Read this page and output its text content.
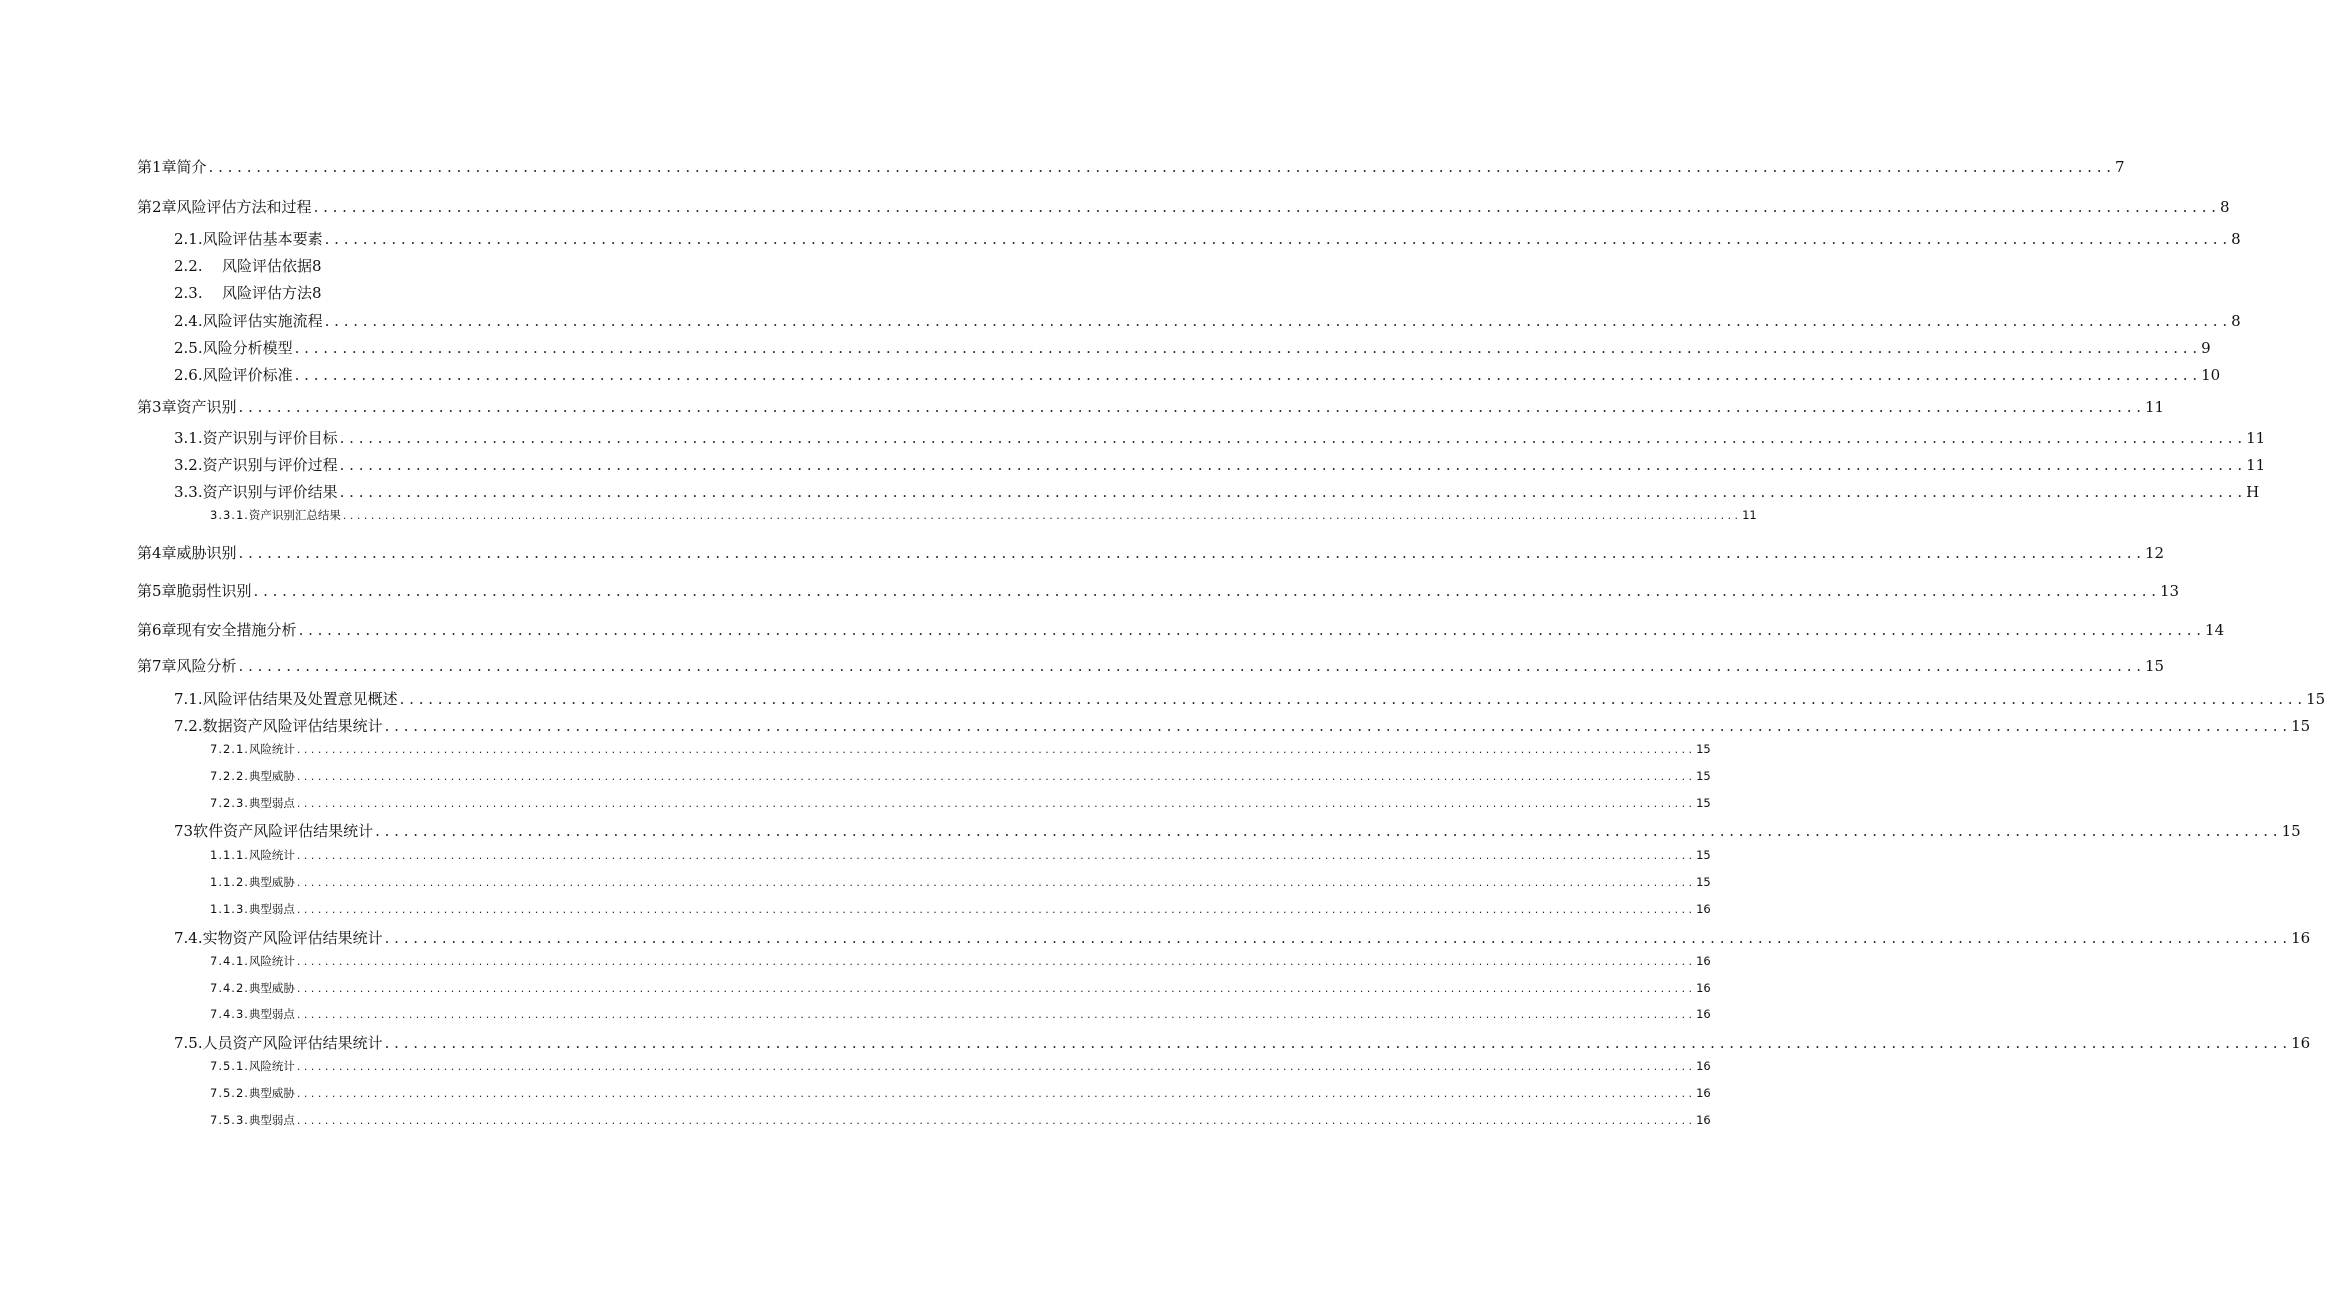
第1章简介 . . . . . . . . . . . . . . . . . . . . . . . . . . . . . . . . . . . . . . . . . . . . . . . . . . . . . . . . . . . . . . . . . . . . . . . . . . . . . . . . . . . . . . . . . . . . . . . . . . . . . . . . . . . . . . . . . . . . . . . . . . . . . . . . . . . . . . . . . . . . . . . . . . . . . . . . . . . . . . . . . . . . . . . . . . . . . . . . . . . . . . . . . . . . . . . . . . . . . . . . 7
第2章 风险评估方法和过程 . . . . . . . . . . . . . . . . . . . . . . . . . . . . . . . . . . . . . . . . . . . . . . . . . . . . . . . . . . . . . . . . . . . . . . . . . . . . . . . . . . . . . . . . . . . . . . . . . . . . . . . . . . . . . . . . . . . . . . . . . . . . . . . . . . . . . . . . . . . . . . . . . . . . . . . . . . . . . . . . . . . . . . . . . . . . . . . . . . . . . . . . . . . . . . . . . . . . . . . . 8
2.1. 风险评估基本要素 . . . . . . . . . . . . . . . . . . . . . . . . . . . . . . . . . . . . . . . . . . . . . . . . . . . . . . . . . . . . . . . . . . . . . . . . . . . . . . . . . . . . . . . . . . . . . . . . . . . . . . . . . . . . . . . . . . . . . . . . . . . . . . . . . . . . . . . . . . . . . . . . . . . . . . . . . . . . . . . . . . . . . . . . . . . . . . . . . . . . . . . . . . . . . . . . . . . . . . . . 8
2.2.	风险评估依据8
2.3.	风险评估方法8
2.4. 风险评估实施流程 . . . . . . . . . . . . . . . . . . . . . . . . . . . . . . . . . . . . . . . . . . . . . . . . . . . . . . . . . . . . . . . . . . . . . . . . . . . . . . . . . . . . . . . . . . . . . . . . . . . . . . . . . . . . . . . . . . . . . . . . . . . . . . . . . . . . . . . . . . . . . . . . . . . . . . . . . . . . . . . . . . . . . . . . . . . . . . . . . . . . . . . . . . . . . . . . . . . . . . . . 8
2.5. 风险分析模型 . . . . . . . . . . . . . . . . . . . . . . . . . . . . . . . . . . . . . . . . . . . . . . . . . . . . . . . . . . . . . . . . . . . . . . . . . . . . . . . . . . . . . . . . . . . . . . . . . . . . . . . . . . . . . . . . . . . . . . . . . . . . . . . . . . . . . . . . . . . . . . . . . . . . . . . . . . . . . . . . . . . . . . . . . . . . . . . . . . . . . . . . . . . . . . . . . . . . . . . . 9
2.6. 风险评价标准 . . . . . . . . . . . . . . . . . . . . . . . . . . . . . . . . . . . . . . . . . . . . . . . . . . . . . . . . . . . . . . . . . . . . . . . . . . . . . . . . . . . . . . . . . . . . . . . . . . . . . . . . . . . . . . . . . . . . . . . . . . . . . . . . . . . . . . . . . . . . . . . . . . . . . . . . . . . . . . . . . . . . . . . . . . . . . . . . . . . . . . . . . . . . . . . . . . . . . . . . 10
第3章资产识别 . . . . . . . . . . . . . . . . . . . . . . . . . . . . . . . . . . . . . . . . . . . . . . . . . . . . . . . . . . . . . . . . . . . . . . . . . . . . . . . . . . . . . . . . . . . . . . . . . . . . . . . . . . . . . . . . . . . . . . . . . . . . . . . . . . . . . . . . . . . . . . . . . . . . . . . . . . . . . . . . . . . . . . . . . . . . . . . . . . . . . . . . . . . . . . . . . . . . . . . . 11
3.1. 资产识别与评价目标 . . . . . . . . . . . . . . . . . . . . . . . . . . . . . . . . . . . . . . . . . . . . . . . . . . . . . . . . . . . . . . . . . . . . . . . . . . . . . . . . . . . . . . . . . . . . . . . . . . . . . . . . . . . . . . . . . . . . . . . . . . . . . . . . . . . . . . . . . . . . . . . . . . . . . . . . . . . . . . . . . . . . . . . . . . . . . . . . . . . . . . . . . . . . . . . . . . . . . . . . 11
3.2. 资产识别与评价过程 . . . . . . . . . . . . . . . . . . . . . . . . . . . . . . . . . . . . . . . . . . . . . . . . . . . . . . . . . . . . . . . . . . . . . . . . . . . . . . . . . . . . . . . . . . . . . . . . . . . . . . . . . . . . . . . . . . . . . . . . . . . . . . . . . . . . . . . . . . . . . . . . . . . . . . . . . . . . . . . . . . . . . . . . . . . . . . . . . . . . . . . . . . . . . . . . . . . . . . . . 11
3.3. 资产识别与评价结果 . . . . . . . . . . . . . . . . . . . . . . . . . . . . . . . . . . . . . . . . . . . . . . . . . . . . . . . . . . . . . . . . . . . . . . . . . . . . . . . . . . . . . . . . . . . . . . . . . . . . . . . . . . . . . . . . . . . . . . . . . . . . . . . . . . . . . . . . . . . . . . . . . . . . . . . . . . . . . . . . . . . . . . . . . . . . . . . . . . . . . . . . . . . . . . . . . . . . . . . . H
3.3.1. 资产识别汇总结果 . . . . . . . . . . . . . . . . . . . . . . . . . . . . . . . . . . . . . . . . . . . . . . . . . . . . . . . . . . . . . . . . . . . . . . . . . . . . . . . . . . . . . . . . . . . . . . . . . . . . . . . . . . . . . . . . . . . . . . . . . . . . . . . . . . . . . . . . . . . . . . . . . . . . . . . . . . . . . . . . . . . . . . . . . . . . . . . . . . . . . . . . . . . . . . . . . . . . . . . . 11
第4章威胁识别 . . . . . . . . . . . . . . . . . . . . . . . . . . . . . . . . . . . . . . . . . . . . . . . . . . . . . . . . . . . . . . . . . . . . . . . . . . . . . . . . . . . . . . . . . . . . . . . . . . . . . . . . . . . . . . . . . . . . . . . . . . . . . . . . . . . . . . . . . . . . . . . . . . . . . . . . . . . . . . . . . . . . . . . . . . . . . . . . . . . . . . . . . . . . . . . . . . . . . . . . 12
第5章脆弱性识别 . . . . . . . . . . . . . . . . . . . . . . . . . . . . . . . . . . . . . . . . . . . . . . . . . . . . . . . . . . . . . . . . . . . . . . . . . . . . . . . . . . . . . . . . . . . . . . . . . . . . . . . . . . . . . . . . . . . . . . . . . . . . . . . . . . . . . . . . . . . . . . . . . . . . . . . . . . . . . . . . . . . . . . . . . . . . . . . . . . . . . . . . . . . . . . . . . . . . . . . . 13
第6章 现有安全措施分析 . . . . . . . . . . . . . . . . . . . . . . . . . . . . . . . . . . . . . . . . . . . . . . . . . . . . . . . . . . . . . . . . . . . . . . . . . . . . . . . . . . . . . . . . . . . . . . . . . . . . . . . . . . . . . . . . . . . . . . . . . . . . . . . . . . . . . . . . . . . . . . . . . . . . . . . . . . . . . . . . . . . . . . . . . . . . . . . . . . . . . . . . . . . . . . . . . . . . . . . . 14
第7章风险分析 . . . . . . . . . . . . . . . . . . . . . . . . . . . . . . . . . . . . . . . . . . . . . . . . . . . . . . . . . . . . . . . . . . . . . . . . . . . . . . . . . . . . . . . . . . . . . . . . . . . . . . . . . . . . . . . . . . . . . . . . . . . . . . . . . . . . . . . . . . . . . . . . . . . . . . . . . . . . . . . . . . . . . . . . . . . . . . . . . . . . . . . . . . . . . . . . . . . . . . . . 15
7.1. 风险评估结果及处置意见概述 . . . . . . . . . . . . . . . . . . . . . . . . . . . . . . . . . . . . . . . . . . . . . . . . . . . . . . . . . . . . . . . . . . . . . . . . . . . . . . . . . . . . . . . . . . . . . . . . . . . . . . . . . . . . . . . . . . . . . . . . . . . . . . . . . . . . . . . . . . . . . . . . . . . . . . . . . . . . . . . . . . . . . . . . . . . . . . . . . . . . . . . . . . . . . . . . . . . . . . . . 15
7.2. 数据资产风险评估结果统计 . . . . . . . . . . . . . . . . . . . . . . . . . . . . . . . . . . . . . . . . . . . . . . . . . . . . . . . . . . . . . . . . . . . . . . . . . . . . . . . . . . . . . . . . . . . . . . . . . . . . . . . . . . . . . . . . . . . . . . . . . . . . . . . . . . . . . . . . . . . . . . . . . . . . . . . . . . . . . . . . . . . . . . . . . . . . . . . . . . . . . . . . . . . . . . . . . . . . . . . . 15
7.2.1. 风险统计 . . . . . . . . . . . . . . . . . . . . . . . . . . . . . . . . . . . . . . . . . . . . . . . . . . . . . . . . . . . . . . . . . . . . . . . . . . . . . . . . . . . . . . . . . . . . . . . . . . . . . . . . . . . . . . . . . . . . . . . . . . . . . . . . . . . . . . . . . . . . . . . . . . . . . . . . . . . . . . . . . . . . . . . . . . . . . . . . . . . . . . . . . . . . . . . . . . . . . . . . 15
7.2.2. 典型威胁 . . . . . . . . . . . . . . . . . . . . . . . . . . . . . . . . . . . . . . . . . . . . . . . . . . . . . . . . . . . . . . . . . . . . . . . . . . . . . . . . . . . . . . . . . . . . . . . . . . . . . . . . . . . . . . . . . . . . . . . . . . . . . . . . . . . . . . . . . . . . . . . . . . . . . . . . . . . . . . . . . . . . . . . . . . . . . . . . . . . . . . . . . . . . . . . . . . . . . . . . 15
7.2.3. 典型弱点 . . . . . . . . . . . . . . . . . . . . . . . . . . . . . . . . . . . . . . . . . . . . . . . . . . . . . . . . . . . . . . . . . . . . . . . . . . . . . . . . . . . . . . . . . . . . . . . . . . . . . . . . . . . . . . . . . . . . . . . . . . . . . . . . . . . . . . . . . . . . . . . . . . . . . . . . . . . . . . . . . . . . . . . . . . . . . . . . . . . . . . . . . . . . . . . . . . . . . . . . 15
73软件资产风险评估结果统计 . . . . . . . . . . . . . . . . . . . . . . . . . . . . . . . . . . . . . . . . . . . . . . . . . . . . . . . . . . . . . . . . . . . . . . . . . . . . . . . . . . . . . . . . . . . . . . . . . . . . . . . . . . . . . . . . . . . . . . . . . . . . . . . . . . . . . . . . . . . . . . . . . . . . . . . . . . . . . . . . . . . . . . . . . . . . . . . . . . . . . . . . . . . . . . . . . . . . . . . . 15
1.1.1. 风险统计 . . . . . . . . . . . . . . . . . . . . . . . . . . . . . . . . . . . . . . . . . . . . . . . . . . . . . . . . . . . . . . . . . . . . . . . . . . . . . . . . . . . . . . . . . . . . . . . . . . . . . . . . . . . . . . . . . . . . . . . . . . . . . . . . . . . . . . . . . . . . . . . . . . . . . . . . . . . . . . . . . . . . . . . . . . . . . . . . . . . . . . . . . . . . . . . . . . . . . . . . 15
1.1.2. 典型威胁 . . . . . . . . . . . . . . . . . . . . . . . . . . . . . . . . . . . . . . . . . . . . . . . . . . . . . . . . . . . . . . . . . . . . . . . . . . . . . . . . . . . . . . . . . . . . . . . . . . . . . . . . . . . . . . . . . . . . . . . . . . . . . . . . . . . . . . . . . . . . . . . . . . . . . . . . . . . . . . . . . . . . . . . . . . . . . . . . . . . . . . . . . . . . . . . . . . . . . . . . 15
1.1.3. 典型弱点 . . . . . . . . . . . . . . . . . . . . . . . . . . . . . . . . . . . . . . . . . . . . . . . . . . . . . . . . . . . . . . . . . . . . . . . . . . . . . . . . . . . . . . . . . . . . . . . . . . . . . . . . . . . . . . . . . . . . . . . . . . . . . . . . . . . . . . . . . . . . . . . . . . . . . . . . . . . . . . . . . . . . . . . . . . . . . . . . . . . . . . . . . . . . . . . . . . . . . . . . 16
7.4. 实物资产风险评估结果统计 . . . . . . . . . . . . . . . . . . . . . . . . . . . . . . . . . . . . . . . . . . . . . . . . . . . . . . . . . . . . . . . . . . . . . . . . . . . . . . . . . . . . . . . . . . . . . . . . . . . . . . . . . . . . . . . . . . . . . . . . . . . . . . . . . . . . . . . . . . . . . . . . . . . . . . . . . . . . . . . . . . . . . . . . . . . . . . . . . . . . . . . . . . . . . . . . . . . . . . . . 16
7.4.1. 风险统计 . . . . . . . . . . . . . . . . . . . . . . . . . . . . . . . . . . . . . . . . . . . . . . . . . . . . . . . . . . . . . . . . . . . . . . . . . . . . . . . . . . . . . . . . . . . . . . . . . . . . . . . . . . . . . . . . . . . . . . . . . . . . . . . . . . . . . . . . . . . . . . . . . . . . . . . . . . . . . . . . . . . . . . . . . . . . . . . . . . . . . . . . . . . . . . . . . . . . . . . . 16
7.4.2. 典型威胁 . . . . . . . . . . . . . . . . . . . . . . . . . . . . . . . . . . . . . . . . . . . . . . . . . . . . . . . . . . . . . . . . . . . . . . . . . . . . . . . . . . . . . . . . . . . . . . . . . . . . . . . . . . . . . . . . . . . . . . . . . . . . . . . . . . . . . . . . . . . . . . . . . . . . . . . . . . . . . . . . . . . . . . . . . . . . . . . . . . . . . . . . . . . . . . . . . . . . . . . . 16
7.4.3. 典型弱点 . . . . . . . . . . . . . . . . . . . . . . . . . . . . . . . . . . . . . . . . . . . . . . . . . . . . . . . . . . . . . . . . . . . . . . . . . . . . . . . . . . . . . . . . . . . . . . . . . . . . . . . . . . . . . . . . . . . . . . . . . . . . . . . . . . . . . . . . . . . . . . . . . . . . . . . . . . . . . . . . . . . . . . . . . . . . . . . . . . . . . . . . . . . . . . . . . . . . . . . . 16
7.5. 人员资产风险评估结果统计 . . . . . . . . . . . . . . . . . . . . . . . . . . . . . . . . . . . . . . . . . . . . . . . . . . . . . . . . . . . . . . . . . . . . . . . . . . . . . . . . . . . . . . . . . . . . . . . . . . . . . . . . . . . . . . . . . . . . . . . . . . . . . . . . . . . . . . . . . . . . . . . . . . . . . . . . . . . . . . . . . . . . . . . . . . . . . . . . . . . . . . . . . . . . . . . . . . . . . . . . 16
7.5.1. 风险统计 . . . . . . . . . . . . . . . . . . . . . . . . . . . . . . . . . . . . . . . . . . . . . . . . . . . . . . . . . . . . . . . . . . . . . . . . . . . . . . . . . . . . . . . . . . . . . . . . . . . . . . . . . . . . . . . . . . . . . . . . . . . . . . . . . . . . . . . . . . . . . . . . . . . . . . . . . . . . . . . . . . . . . . . . . . . . . . . . . . . . . . . . . . . . . . . . . . . . . . . . 16
7.5.2. 典型威胁 . . . . . . . . . . . . . . . . . . . . . . . . . . . . . . . . . . . . . . . . . . . . . . . . . . . . . . . . . . . . . . . . . . . . . . . . . . . . . . . . . . . . . . . . . . . . . . . . . . . . . . . . . . . . . . . . . . . . . . . . . . . . . . . . . . . . . . . . . . . . . . . . . . . . . . . . . . . . . . . . . . . . . . . . . . . . . . . . . . . . . . . . . . . . . . . . . . . . . . . . 16
7.5.3. 典型弱点 . . . . . . . . . . . . . . . . . . . . . . . . . . . . . . . . . . . . . . . . . . . . . . . . . . . . . . . . . . . . . . . . . . . . . . . . . . . . . . . . . . . . . . . . . . . . . . . . . . . . . . . . . . . . . . . . . . . . . . . . . . . . . . . . . . . . . . . . . . . . . . . . . . . . . . . . . . . . . . . . . . . . . . . . . . . . . . . . . . . . . . . . . . . . . . . . . . . . . . . . 16
